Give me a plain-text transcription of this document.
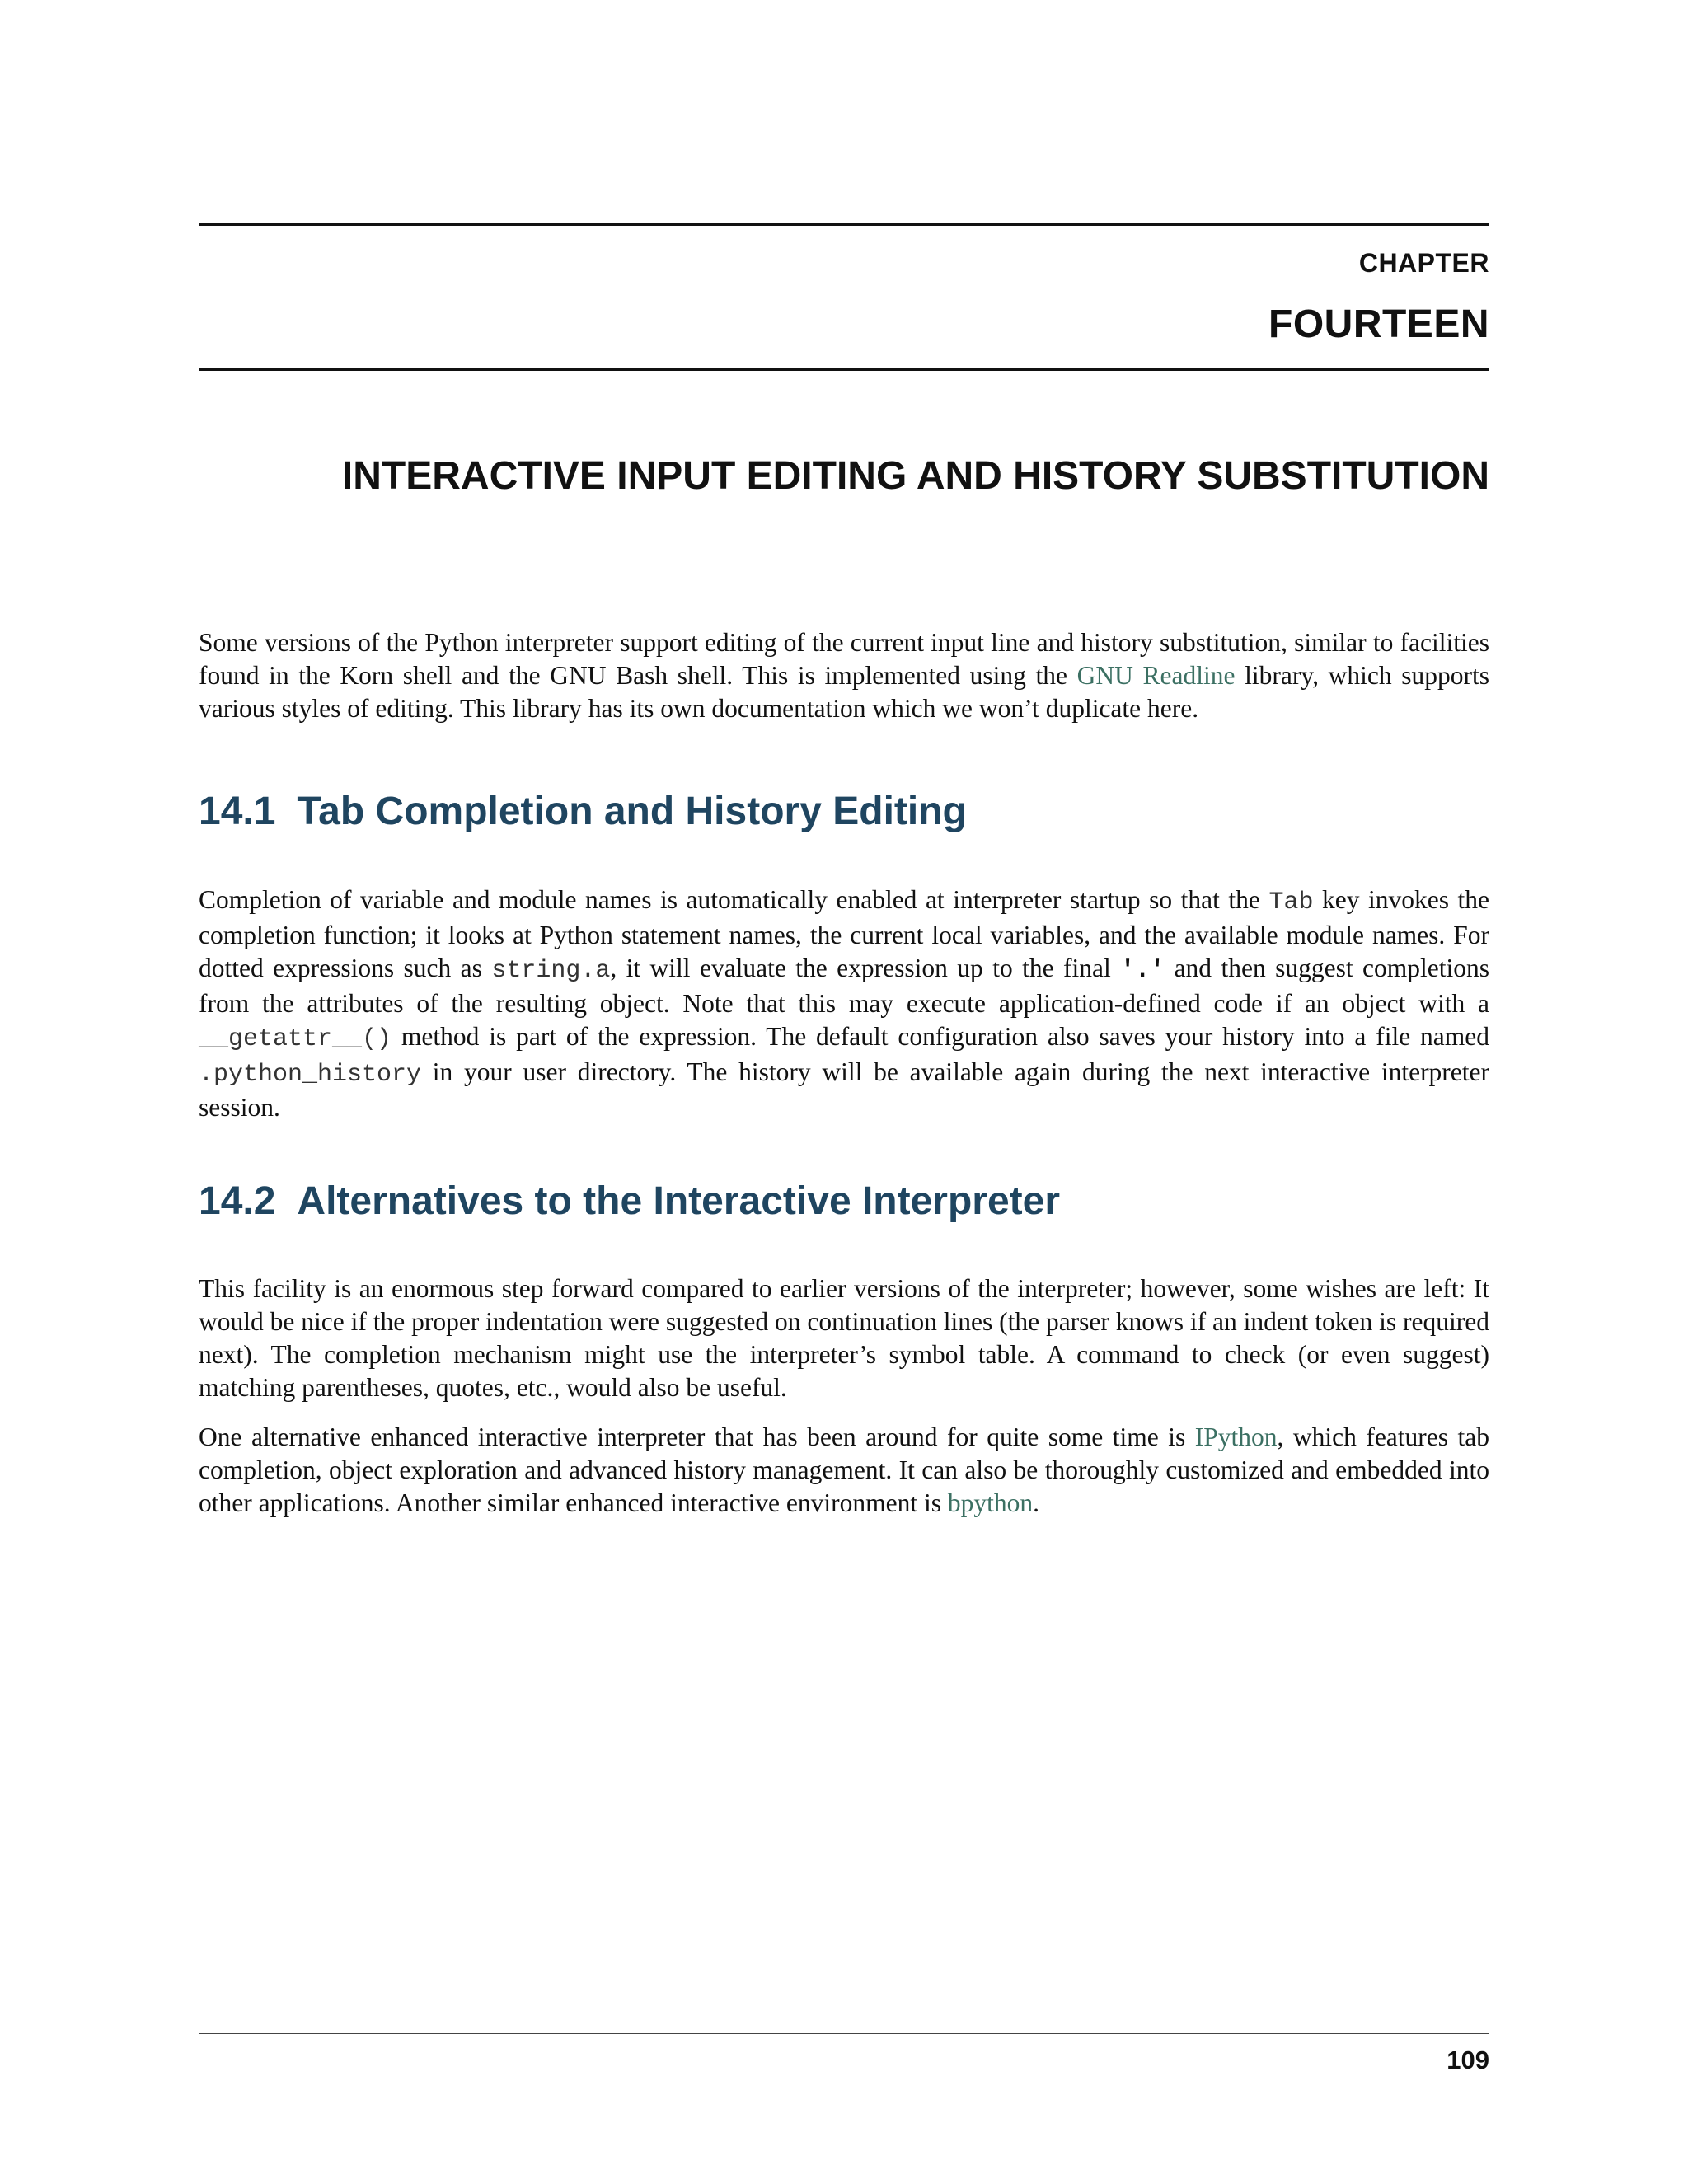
CHAPTER
FOURTEEN
INTERACTIVE INPUT EDITING AND HISTORY SUBSTITUTION

Some versions of the Python interpreter support editing of the current input line and history substitution, similar to facilities found in the Korn shell and the GNU Bash shell. This is implemented using the GNU Readline library, which supports various styles of editing. This library has its own documentation which we won’t duplicate here.

14.1 Tab Completion and History Editing

Completion of variable and module names is automatically enabled at interpreter startup so that the Tab key invokes the completion function; it looks at Python statement names, the current local variables, and the available module names. For dotted expressions such as string.a, it will evaluate the expression up to the final '.' and then suggest completions from the attributes of the resulting object. Note that this may execute application-defined code if an object with a __getattr__() method is part of the expression. The default configuration also saves your history into a file named .python_history in your user directory. The history will be available again during the next interactive interpreter session.

14.2 Alternatives to the Interactive Interpreter

This facility is an enormous step forward compared to earlier versions of the interpreter; however, some wishes are left: It would be nice if the proper indentation were suggested on continuation lines (the parser knows if an indent token is required next). The completion mechanism might use the interpreter’s symbol table. A command to check (or even suggest) matching parentheses, quotes, etc., would also be useful.

One alternative enhanced interactive interpreter that has been around for quite some time is IPython, which features tab completion, object exploration and advanced history management. It can also be thoroughly customized and embedded into other applications. Another similar enhanced interactive environment is bpython.

109
